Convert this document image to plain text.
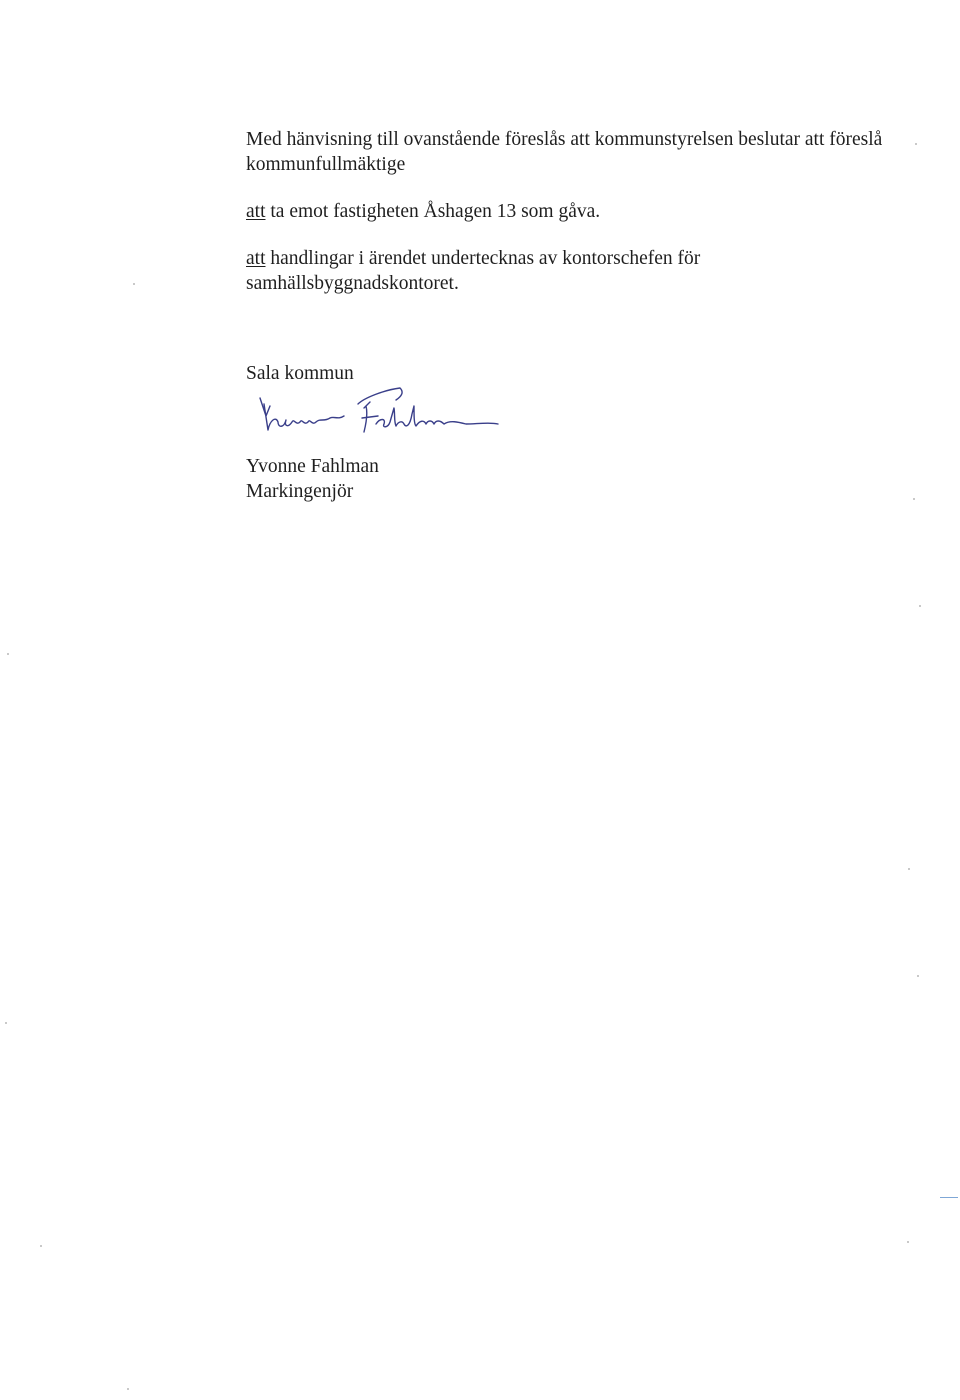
Med hänvisning till ovanstående föreslås att kommunstyrelsen beslutar att föreslå kommunfullmäktige

att ta emot fastigheten Åshagen 13 som gåva.

att handlingar i ärendet undertecknas av kontorschefen för samhällsbyggnadskontoret.

Sala kommun

Yvonne Fahlman
Markingenjör
